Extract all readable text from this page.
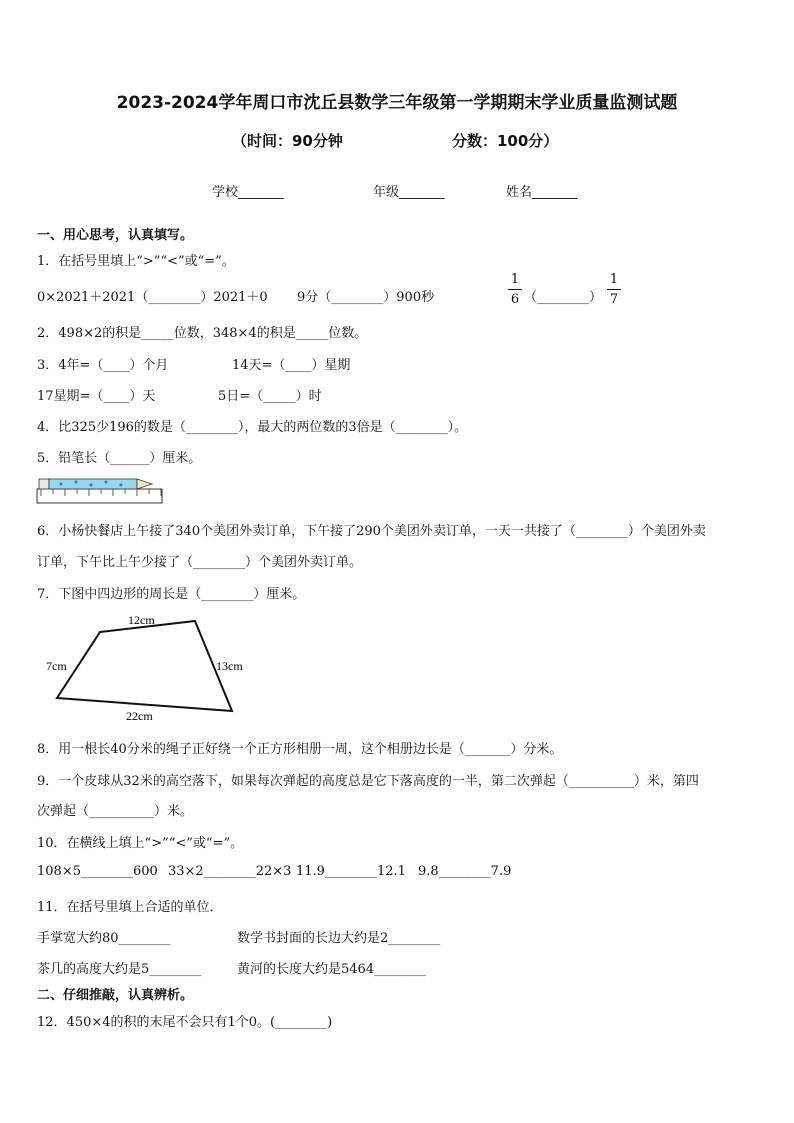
2023-2024学年周口市沈丘县数学三年级第一学期期末学业质量监测试题
（时间：90分钟	分数：100分）
学校_______	年级_______	姓名_______
一、用心思考，认真填写。
1．在括号里填上“>”“<”或“=”。
0×2021＋2021（________）2021＋0 9分（________）900秒
1
6 （________）
1
7
2．498×2的积是_____位数，348×4的积是_____位数。
3．4年=（____）个月	14天=（____）星期
17星期=（____）天	5日=（_____）时
4．比325少196的数是（________），最大的两位数的3倍是（________）。
5．铅笔长（______）厘米。
6．小杨快餐店上午接了340个美团外卖订单，下午接了290个美团外卖订单，一天一共接了（________）个美团外卖
订单，下午比上午少接了（________）个美团外卖订单。
7．下图中四边形的周长是（________）厘米。
12cm
7cm	13cm
22cm
8．用一根长40分米的绳子正好绕一个正方形相册一周，这个相册边长是（_______）分米。
9．一个皮球从32米的高空落下，如果每次弹起的高度总是它下落高度的一半，第二次弹起（__________）米，第四
次弹起（__________）米。
10．在横线上填上“>”“<”或“=”。
108×5________600 33×2________22×3 11.9________12.1 9.8________7.9
11．在括号里填上合适的单位．
手掌宽大约80________	数学书封面的长边大约是2________
茶几的高度大约是5________	黄河的长度大约是5464________
二、仔细推敲，认真辨析。
12．450×4的积的末尾不会只有1个0。(________)
